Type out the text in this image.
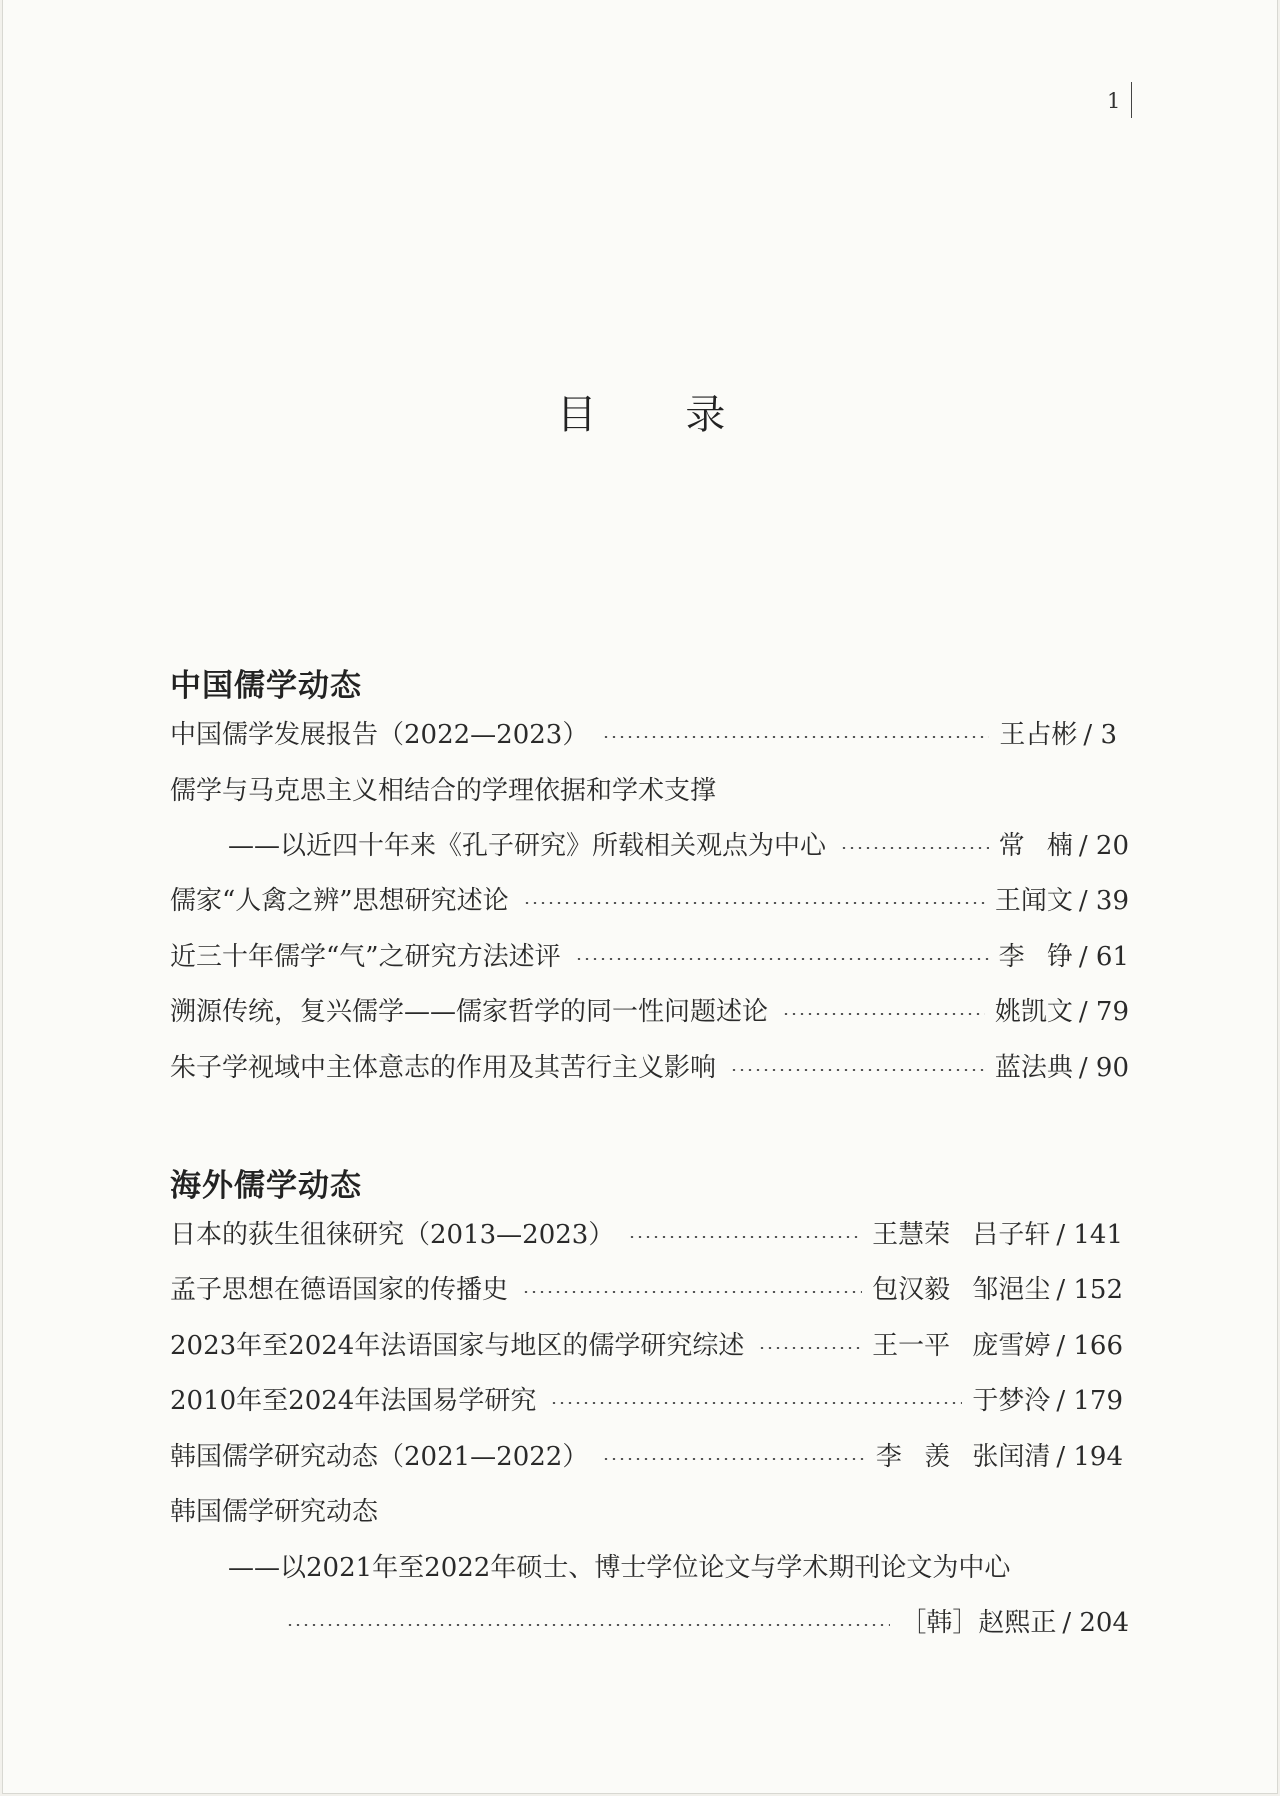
1
目 录
中国儒学动态
中国儒学发展报告（2022—2023）	王占彬 / 3
儒学与马克思主义相结合的学理依据和学术支撑
——以近四十年来《孔子研究》所载相关观点为中心	常 楠 / 20
儒家“人禽之辨”思想研究述论	王闻文 / 39
近三十年儒学“气”之研究方法述评	李 铮 / 61
溯源传统，复兴儒学——儒家哲学的同一性问题述论	姚凯文 / 79
朱子学视域中主体意志的作用及其苦行主义影响	蓝法典 / 90
海外儒学动态
日本的荻生徂徕研究（2013—2023）	王慧荣 吕子轩 / 141
孟子思想在德语国家的传播史	包汉毅 邹浥尘 / 152
2023年至2024年法语国家与地区的儒学研究综述	王一平 庞雪婷 / 166
2010年至2024年法国易学研究	于梦泠 / 179
韩国儒学研究动态（2021—2022）	李 羡 张闰清 / 194
韩国儒学研究动态
——以2021年至2022年硕士、博士学位论文与学术期刊论文为中心
［韩］赵熙正 / 204
